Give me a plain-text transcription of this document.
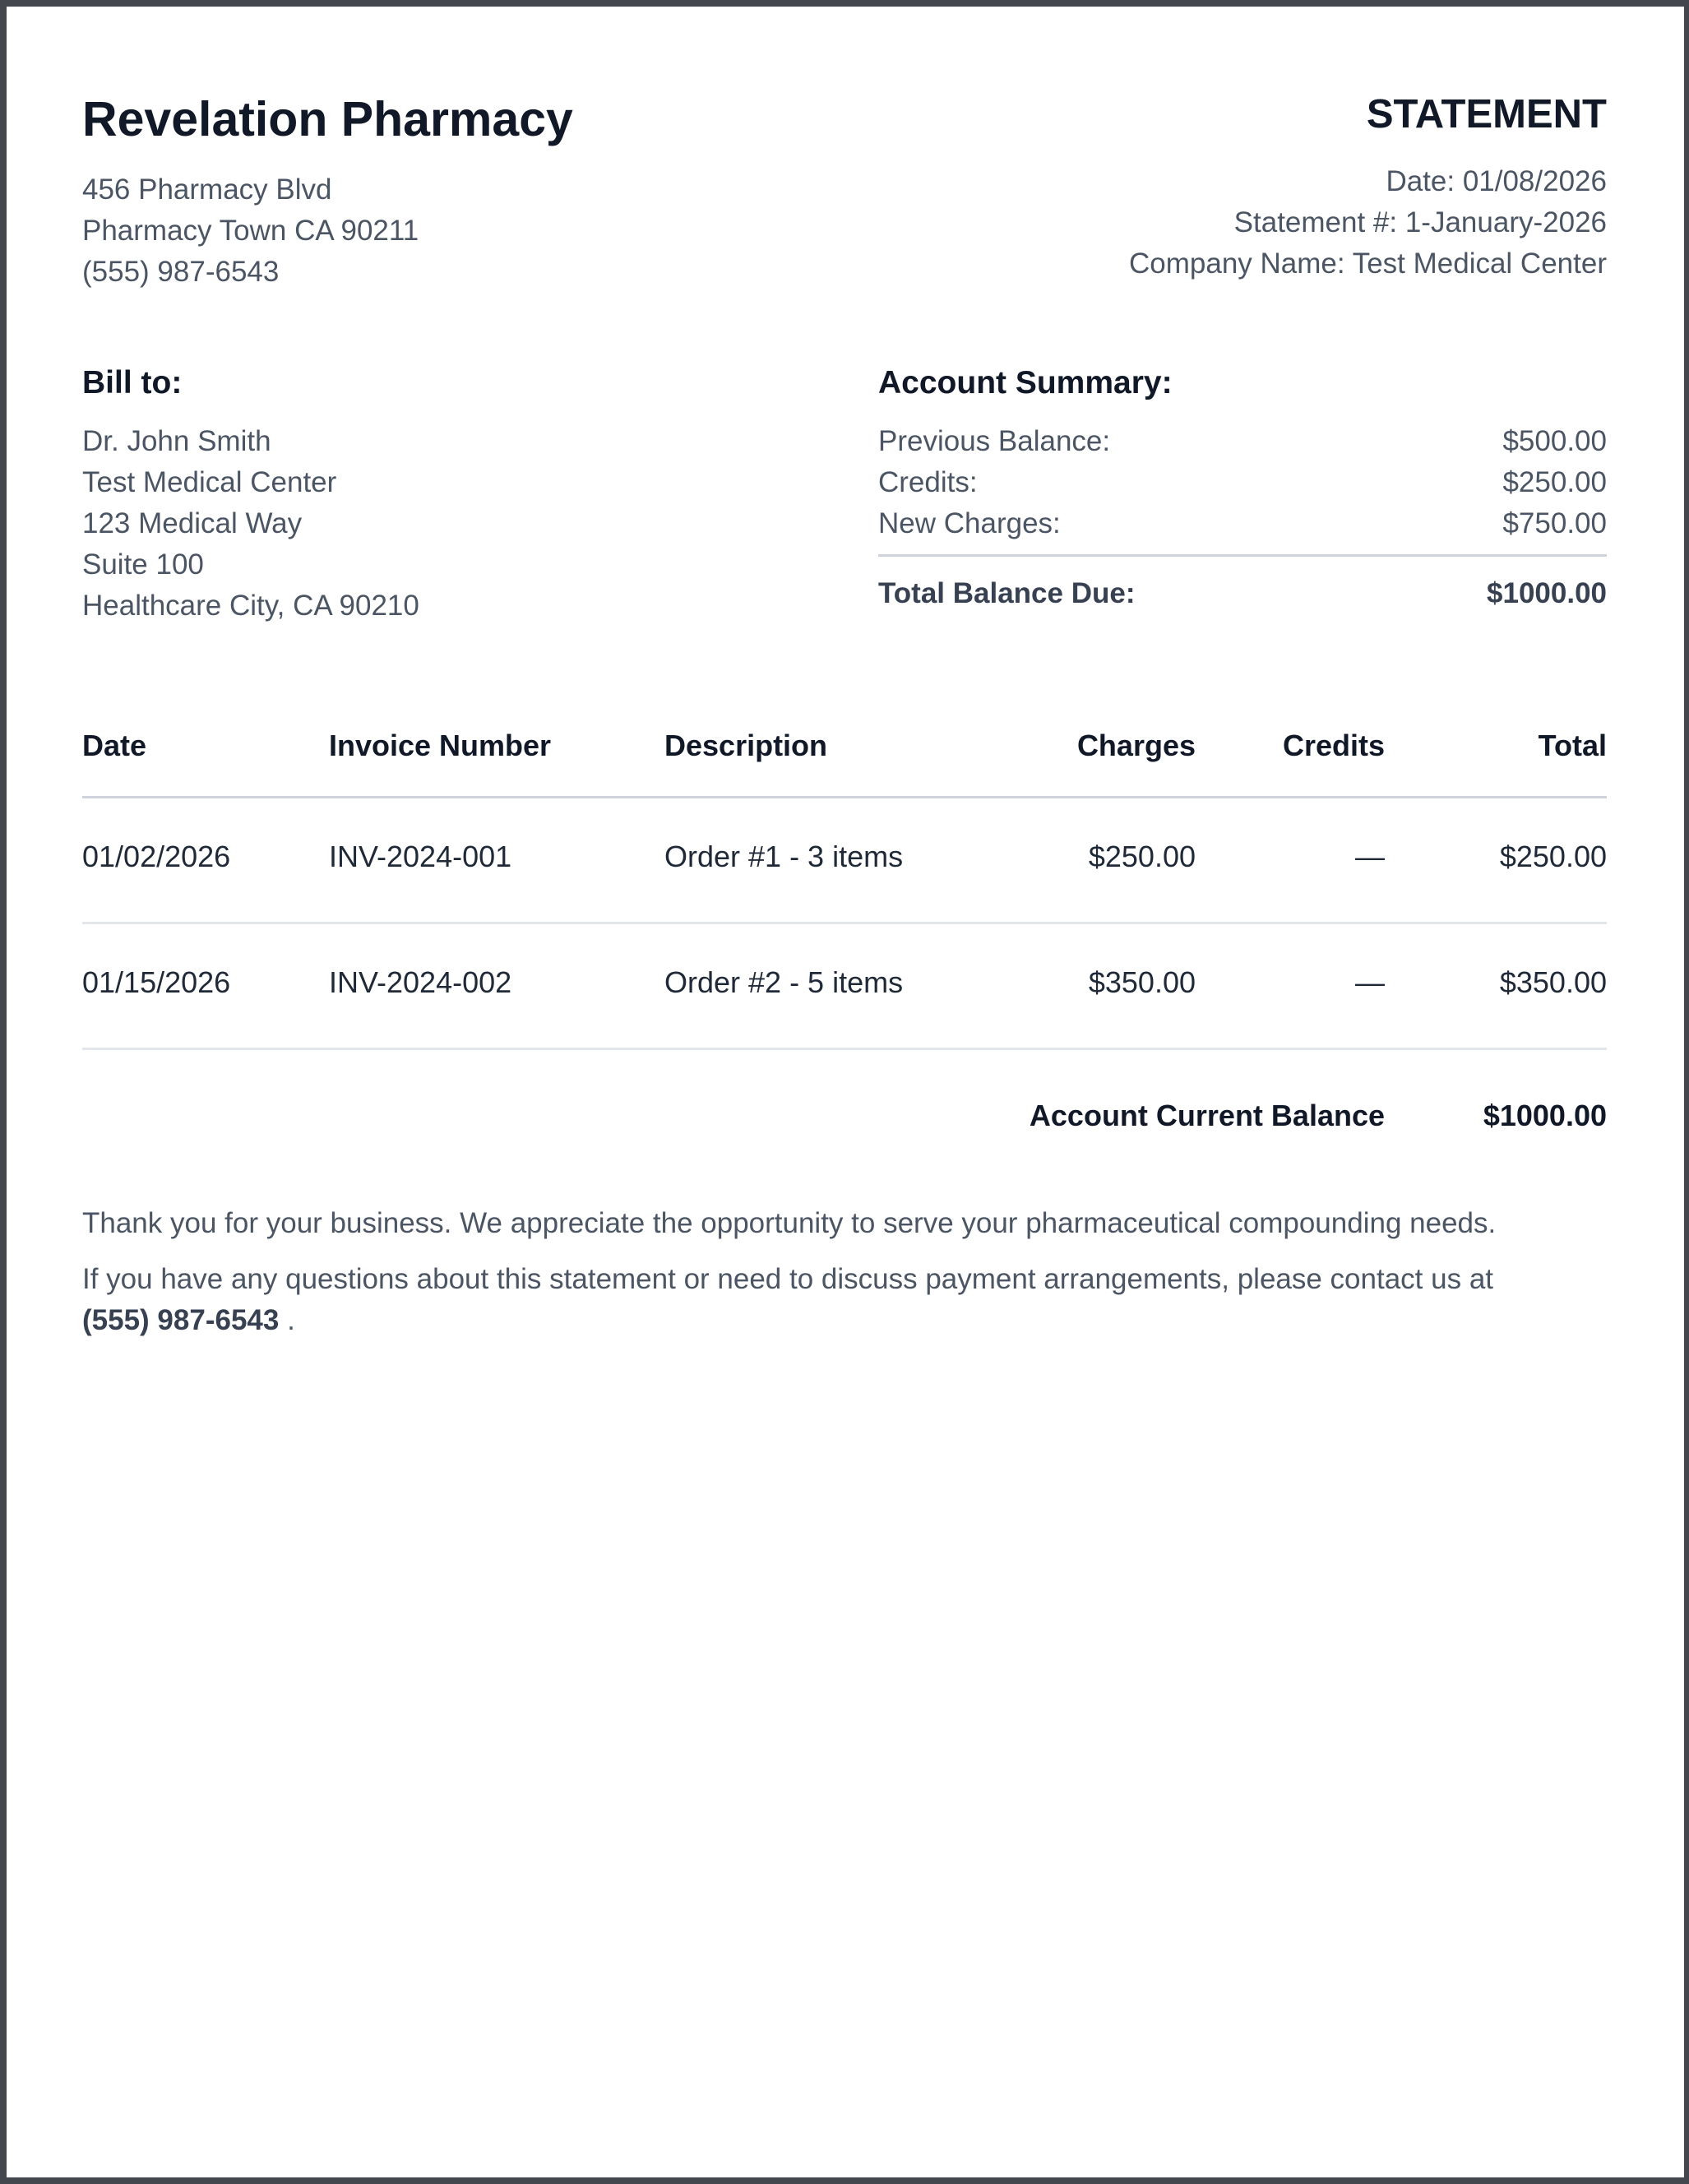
Revelation Pharmacy
456 Pharmacy Blvd
Pharmacy Town CA 90211
(555) 987-6543
STATEMENT
Date: 01/08/2026
Statement #: 1-January-2026
Company Name: Test Medical Center
Bill to:
Dr. John Smith
Test Medical Center
123 Medical Way
Suite 100
Healthcare City, CA 90210
Account Summary:
Previous Balance:	$500.00
Credits:	$250.00
New Charges:	$750.00
Total Balance Due:	$1000.00
Date	Invoice Number	Description	Charges	Credits	Total
01/02/2026	INV-2024-001	Order #1 - 3 items	$250.00	—	$250.00
01/15/2026	INV-2024-002	Order #2 - 5 items	$350.00	—	$350.00
Account Current Balance	$1000.00

Thank you for your business. We appreciate the opportunity to serve your pharmaceutical compounding needs.

If you have any questions about this statement or need to discuss payment arrangements, please contact us at
(555) 987-6543 .
